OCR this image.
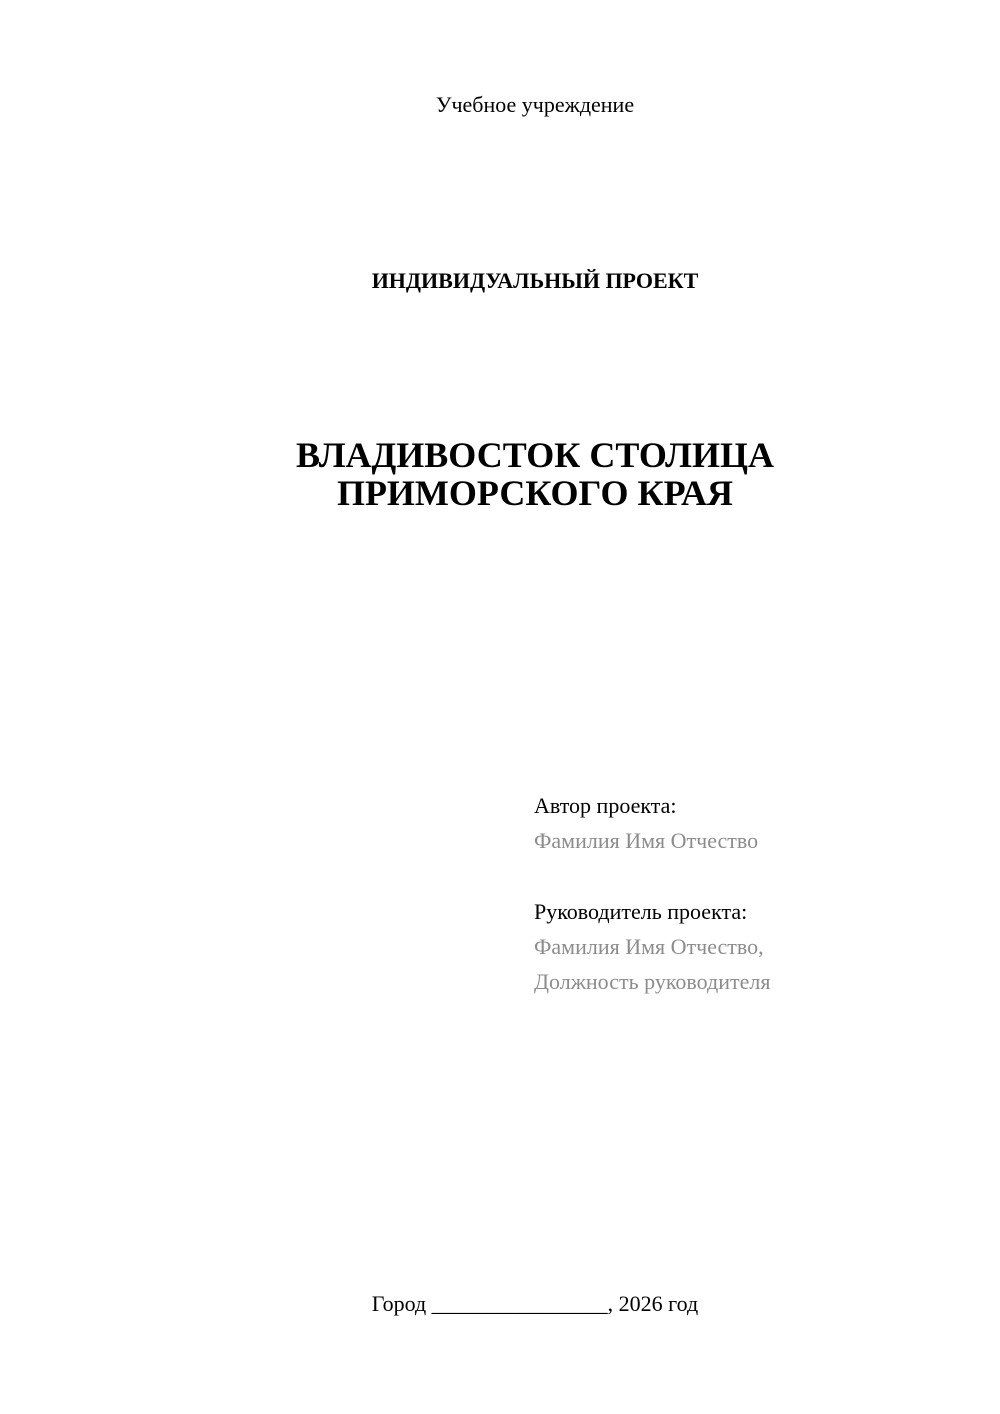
Учебное учреждение
ИНДИВИДУАЛЬНЫЙ ПРОЕКТ
ВЛАДИВОСТОК СТОЛИЦА
ПРИМОРСКОГО КРАЯ
Автор проекта:
Фамилия Имя Отчество
Руководитель проекта:
Фамилия Имя Отчество,
Должность руководителя
Город ________________, 2026 год
